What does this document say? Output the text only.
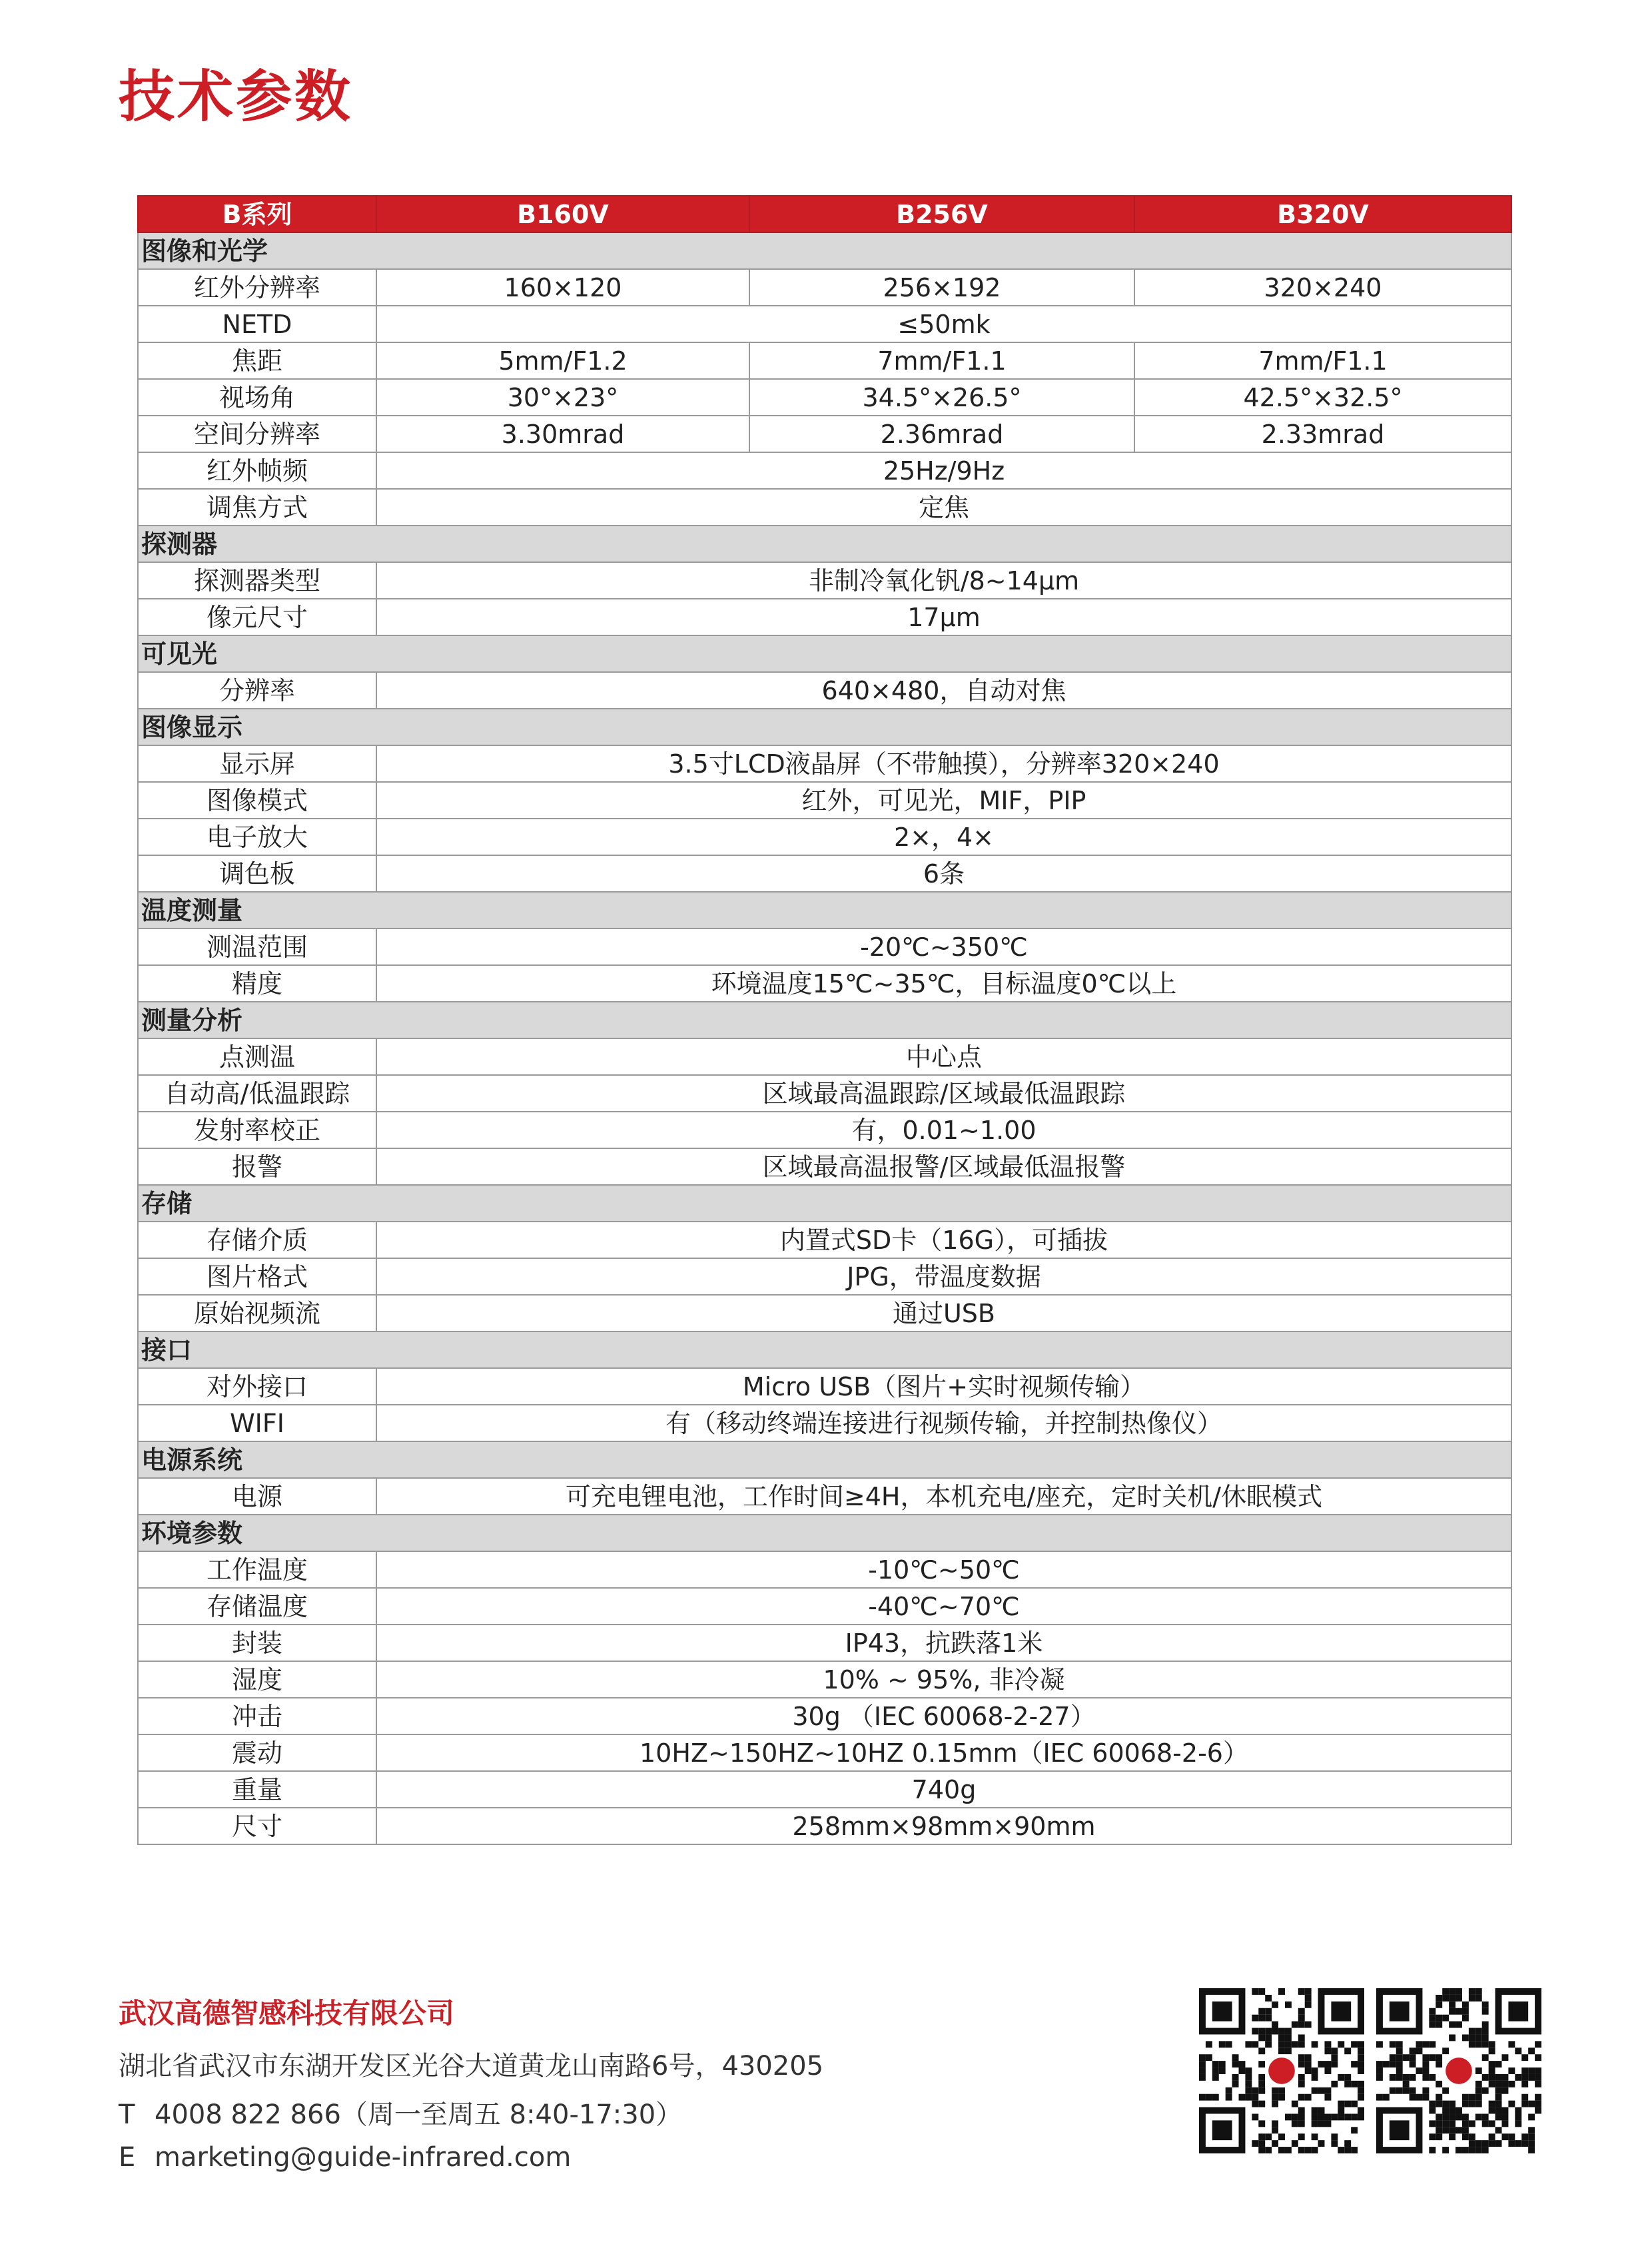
技术参数
B系列	B160V	B256V	B320V
图像和光学			
红外分辨率	160×120	256×192	320×240
NETD	≤50mk		
焦距	5mm/F1.2	7mm/F1.1	7mm/F1.1
视场角	30°×23°	34.5°×26.5°	42.5°×32.5°
空间分辨率	3.30mrad	2.36mrad	2.33mrad
红外帧频	25Hz/9Hz		
调焦方式	定焦		
探测器			
探测器类型	非制冷氧化钒/8~14μm		
像元尺寸	17μm		
可见光			
分辨率	640×480，自动对焦		
图像显示			
显示屏	3.5寸LCD液晶屏（不带触摸），分辨率320×240		
图像模式	红外，可见光，MIF，PIP		
电子放大	2×，4×		
调色板	6条		
温度测量			
测温范围	-20℃~350℃		
精度	环境温度15℃~35℃，目标温度0℃以上		
测量分析			
点测温	中心点		
自动高/低温跟踪	区域最高温跟踪/区域最低温跟踪		
发射率校正	有，0.01~1.00		
报警	区域最高温报警/区域最低温报警		
存储			
存储介质	内置式SD卡（16G），可插拔		
图片格式	JPG，带温度数据		
原始视频流	通过USB		
接口			
对外接口	Micro USB（图片+实时视频传输）		
WIFI	有（移动终端连接进行视频传输，并控制热像仪）		
电源系统			
电源	可充电锂电池，工作时间≥4H，本机充电/座充，定时关机/休眠模式		
环境参数			
工作温度	-10℃~50℃		
存储温度	-40℃~70℃		
封装	IP43，抗跌落1米		
湿度	10% ~ 95%, 非冷凝		
冲击	30g （IEC 60068-2-27）		
震动	10HZ~150HZ~10HZ 0.15mm（IEC 60068-2-6）		
重量	740g		
尺寸	258mm×98mm×90mm		

武汉高德智感科技有限公司

湖北省武汉市东湖开发区光谷大道黄龙山南路6号，430205

T 4008 822 866（周一至周五 8:40-17:30）

E marketing@guide-infrared.com
